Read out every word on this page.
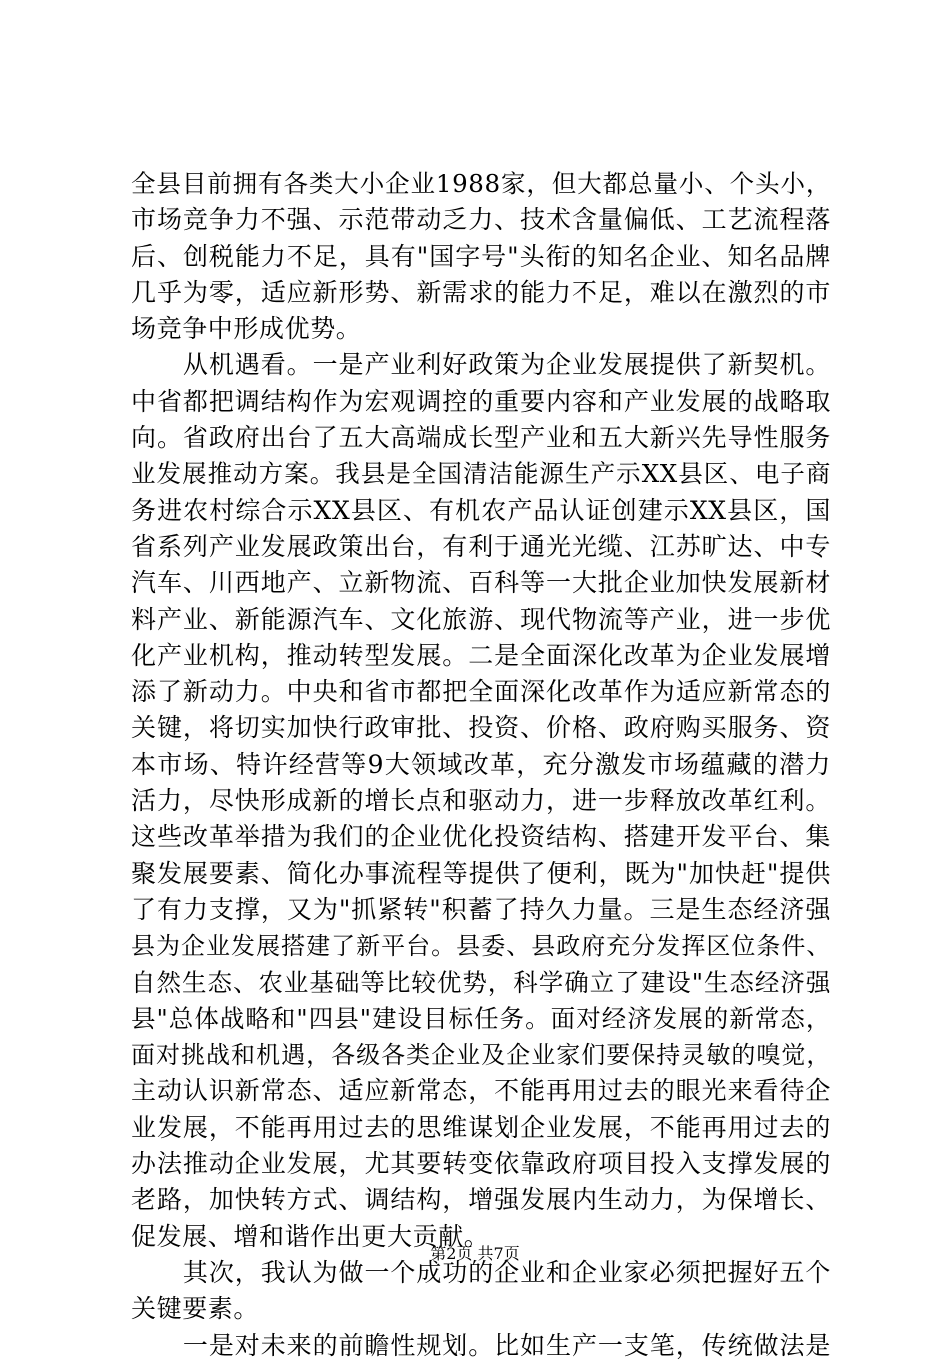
全县目前拥有各类大小企业1988家，但大都总量小、个头小，
市场竞争力不强、示范带动乏力、技术含量偏低、工艺流程落
后、创税能力不足，具有"国字号"头衔的知名企业、知名品牌
几乎为零，适应新形势、新需求的能力不足，难以在激烈的市
场竞争中形成优势。
　　从机遇看。一是产业利好政策为企业发展提供了新契机。
中省都把调结构作为宏观调控的重要内容和产业发展的战略取
向。省政府出台了五大高端成长型产业和五大新兴先导性服务
业发展推动方案。我县是全国清洁能源生产示XX县区、电子商
务进农村综合示XX县区、有机农产品认证创建示XX县区，国
省系列产业发展政策出台，有利于通光光缆、江苏旷达、中专
汽车、川西地产、立新物流、百科等一大批企业加快发展新材
料产业、新能源汽车、文化旅游、现代物流等产业，进一步优
化产业机构，推动转型发展。二是全面深化改革为企业发展增
添了新动力。中央和省市都把全面深化改革作为适应新常态的
关键，将切实加快行政审批、投资、价格、政府购买服务、资
本市场、特许经营等9大领域改革，充分激发市场蕴藏的潜力
活力，尽快形成新的增长点和驱动力，进一步释放改革红利。
这些改革举措为我们的企业优化投资结构、搭建开发平台、集
聚发展要素、简化办事流程等提供了便利，既为"加快赶"提供
了有力支撑，又为"抓紧转"积蓄了持久力量。三是生态经济强
县为企业发展搭建了新平台。县委、县政府充分发挥区位条件、
自然生态、农业基础等比较优势，科学确立了建设"生态经济强
县"总体战略和"四县"建设目标任务。面对经济发展的新常态，
面对挑战和机遇，各级各类企业及企业家们要保持灵敏的嗅觉，
主动认识新常态、适应新常态，不能再用过去的眼光来看待企
业发展，不能再用过去的思维谋划企业发展，不能再用过去的
办法推动企业发展，尤其要转变依靠政府项目投入支撑发展的
老路，加快转方式、调结构，增强发展内生动力，为保增长、
促发展、增和谐作出更大贡献。
　　其次，我认为做一个成功的企业和企业家必须把握好五个
关键要素。
　　一是对未来的前瞻性规划。比如生产一支笔，传统做法是
第2页 共7页
